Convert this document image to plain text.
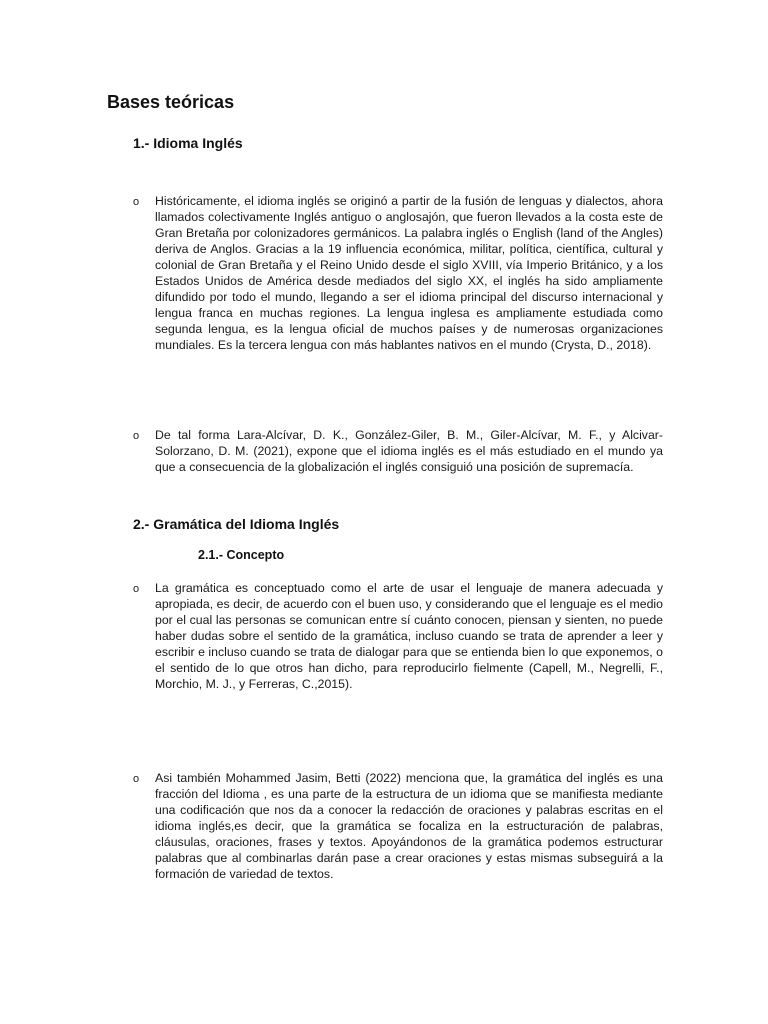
Bases teóricas
1.- Idioma Inglés
o	Históricamente, el idioma inglés se originó a partir de la fusión de lenguas y dialectos, ahora llamados colectivamente Inglés antiguo o anglosajón, que fueron llevados a la costa este de Gran Bretaña por colonizadores germánicos. La palabra inglés o English (land of the Angles) deriva de Anglos. Gracias a la 19 influencia económica, militar, política, científica, cultural y colonial de Gran Bretaña y el Reino Unido desde el siglo XVIII, vía Imperio Británico, y a los Estados Unidos de América desde mediados del siglo XX, el inglés ha sido ampliamente difundido por todo el mundo, llegando a ser el idioma principal del discurso internacional y lengua franca en muchas regiones. La lengua inglesa es ampliamente estudiada como segunda lengua, es la lengua oficial de muchos países y de numerosas organizaciones mundiales. Es la tercera lengua con más hablantes nativos en el mundo (Crysta, D., 2018).

o	De tal forma Lara-Alcívar, D. K., González-Giler, B. M., Giler-Alcívar, M. F., y Alcivar- Solorzano, D. M. (2021), expone que el idioma inglés es el más estudiado en el mundo ya que a consecuencia de la globalización el inglés consiguió una posición de supremacía.

2.- Gramática del Idioma Inglés
2.1.- Concepto
o	La gramática es conceptuado como el arte de usar el lenguaje de manera adecuada y apropiada, es decir, de acuerdo con el buen uso, y considerando que el lenguaje es el medio por el cual las personas se comunican entre sí cuánto conocen, piensan y sienten, no puede haber dudas sobre el sentido de la gramática, incluso cuando se trata de aprender a leer y escribir e incluso cuando se trata de dialogar para que se entienda bien lo que exponemos, o el sentido de lo que otros han dicho, para reproducirlo fielmente (Capell, M., Negrelli, F., Morchio, M. J., y Ferreras, C.,2015).

o	Asi también Mohammed Jasim, Betti (2022) menciona que, la gramática del inglés es una fracción del Idioma , es una parte de la estructura de un idioma que se manifiesta mediante una codificación que nos da a conocer la redacción de oraciones y palabras escritas en el idioma inglés,es decir, que la gramática se focaliza en la estructuración de palabras, cláusulas, oraciones, frases y textos. Apoyándonos de la gramática podemos estructurar palabras que al combinarlas darán pase a crear oraciones y estas mismas subseguirá a la formación de variedad de textos.
